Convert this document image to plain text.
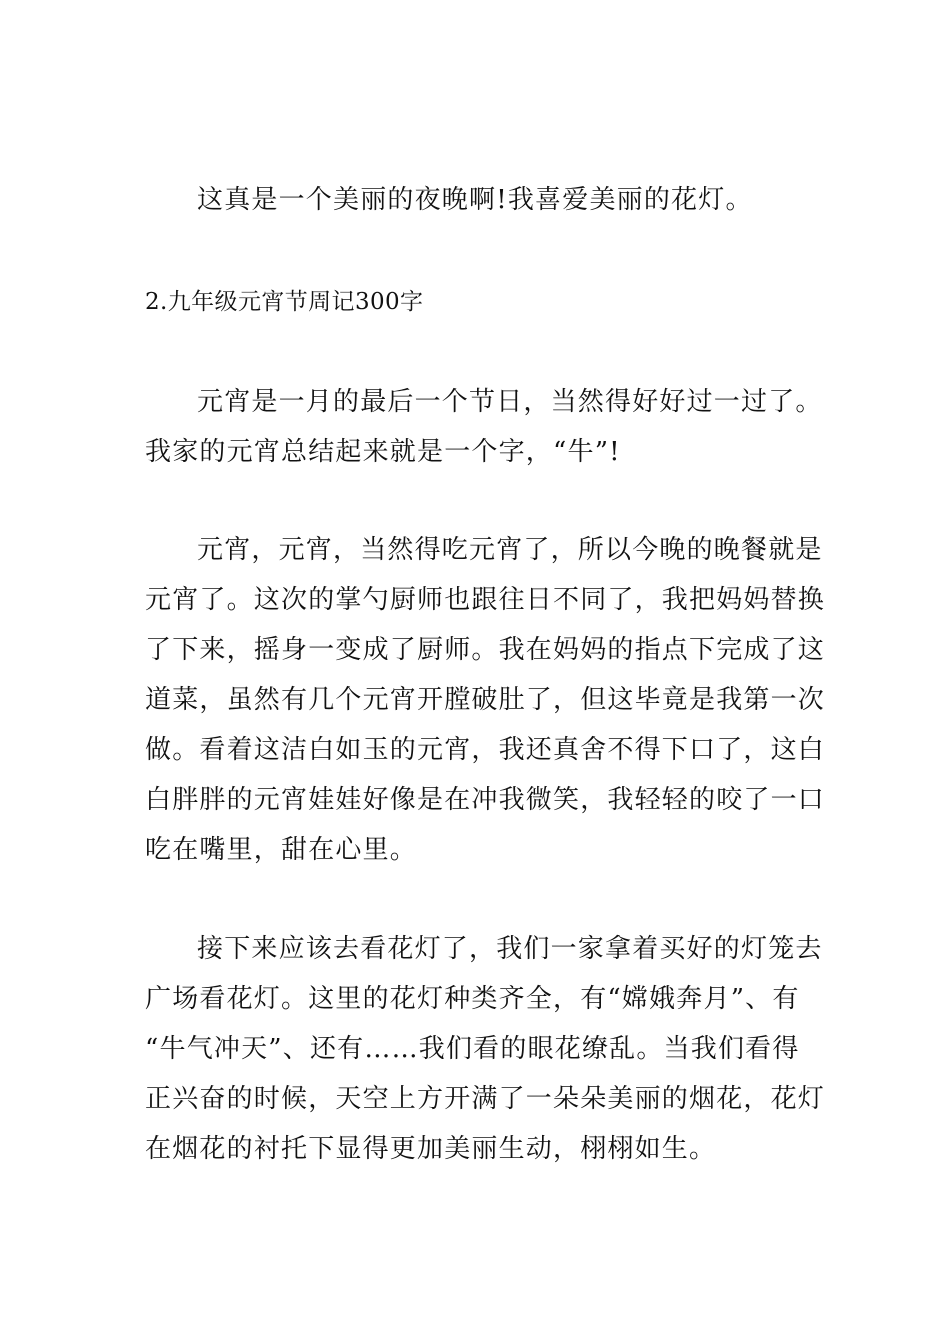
这真是一个美丽的夜晚啊!我喜爱美丽的花灯。
2.九年级元宵节周记300字
元宵是一月的最后一个节日，当然得好好过一过了。
我家的元宵总结起来就是一个字，“牛”!
元宵，元宵，当然得吃元宵了，所以今晚的晚餐就是
元宵了。这次的掌勺厨师也跟往日不同了，我把妈妈替换
了下来，摇身一变成了厨师。我在妈妈的指点下完成了这
道菜，虽然有几个元宵开膛破肚了，但这毕竟是我第一次
做。看着这洁白如玉的元宵，我还真舍不得下口了，这白
白胖胖的元宵娃娃好像是在冲我微笑，我轻轻的咬了一口
吃在嘴里，甜在心里。
接下来应该去看花灯了，我们一家拿着买好的灯笼去
广场看花灯。这里的花灯种类齐全，有“嫦娥奔月”、有
“牛气冲天”、还有……我们看的眼花缭乱。当我们看得
正兴奋的时候，天空上方开满了一朵朵美丽的烟花，花灯
在烟花的衬托下显得更加美丽生动，栩栩如生。
